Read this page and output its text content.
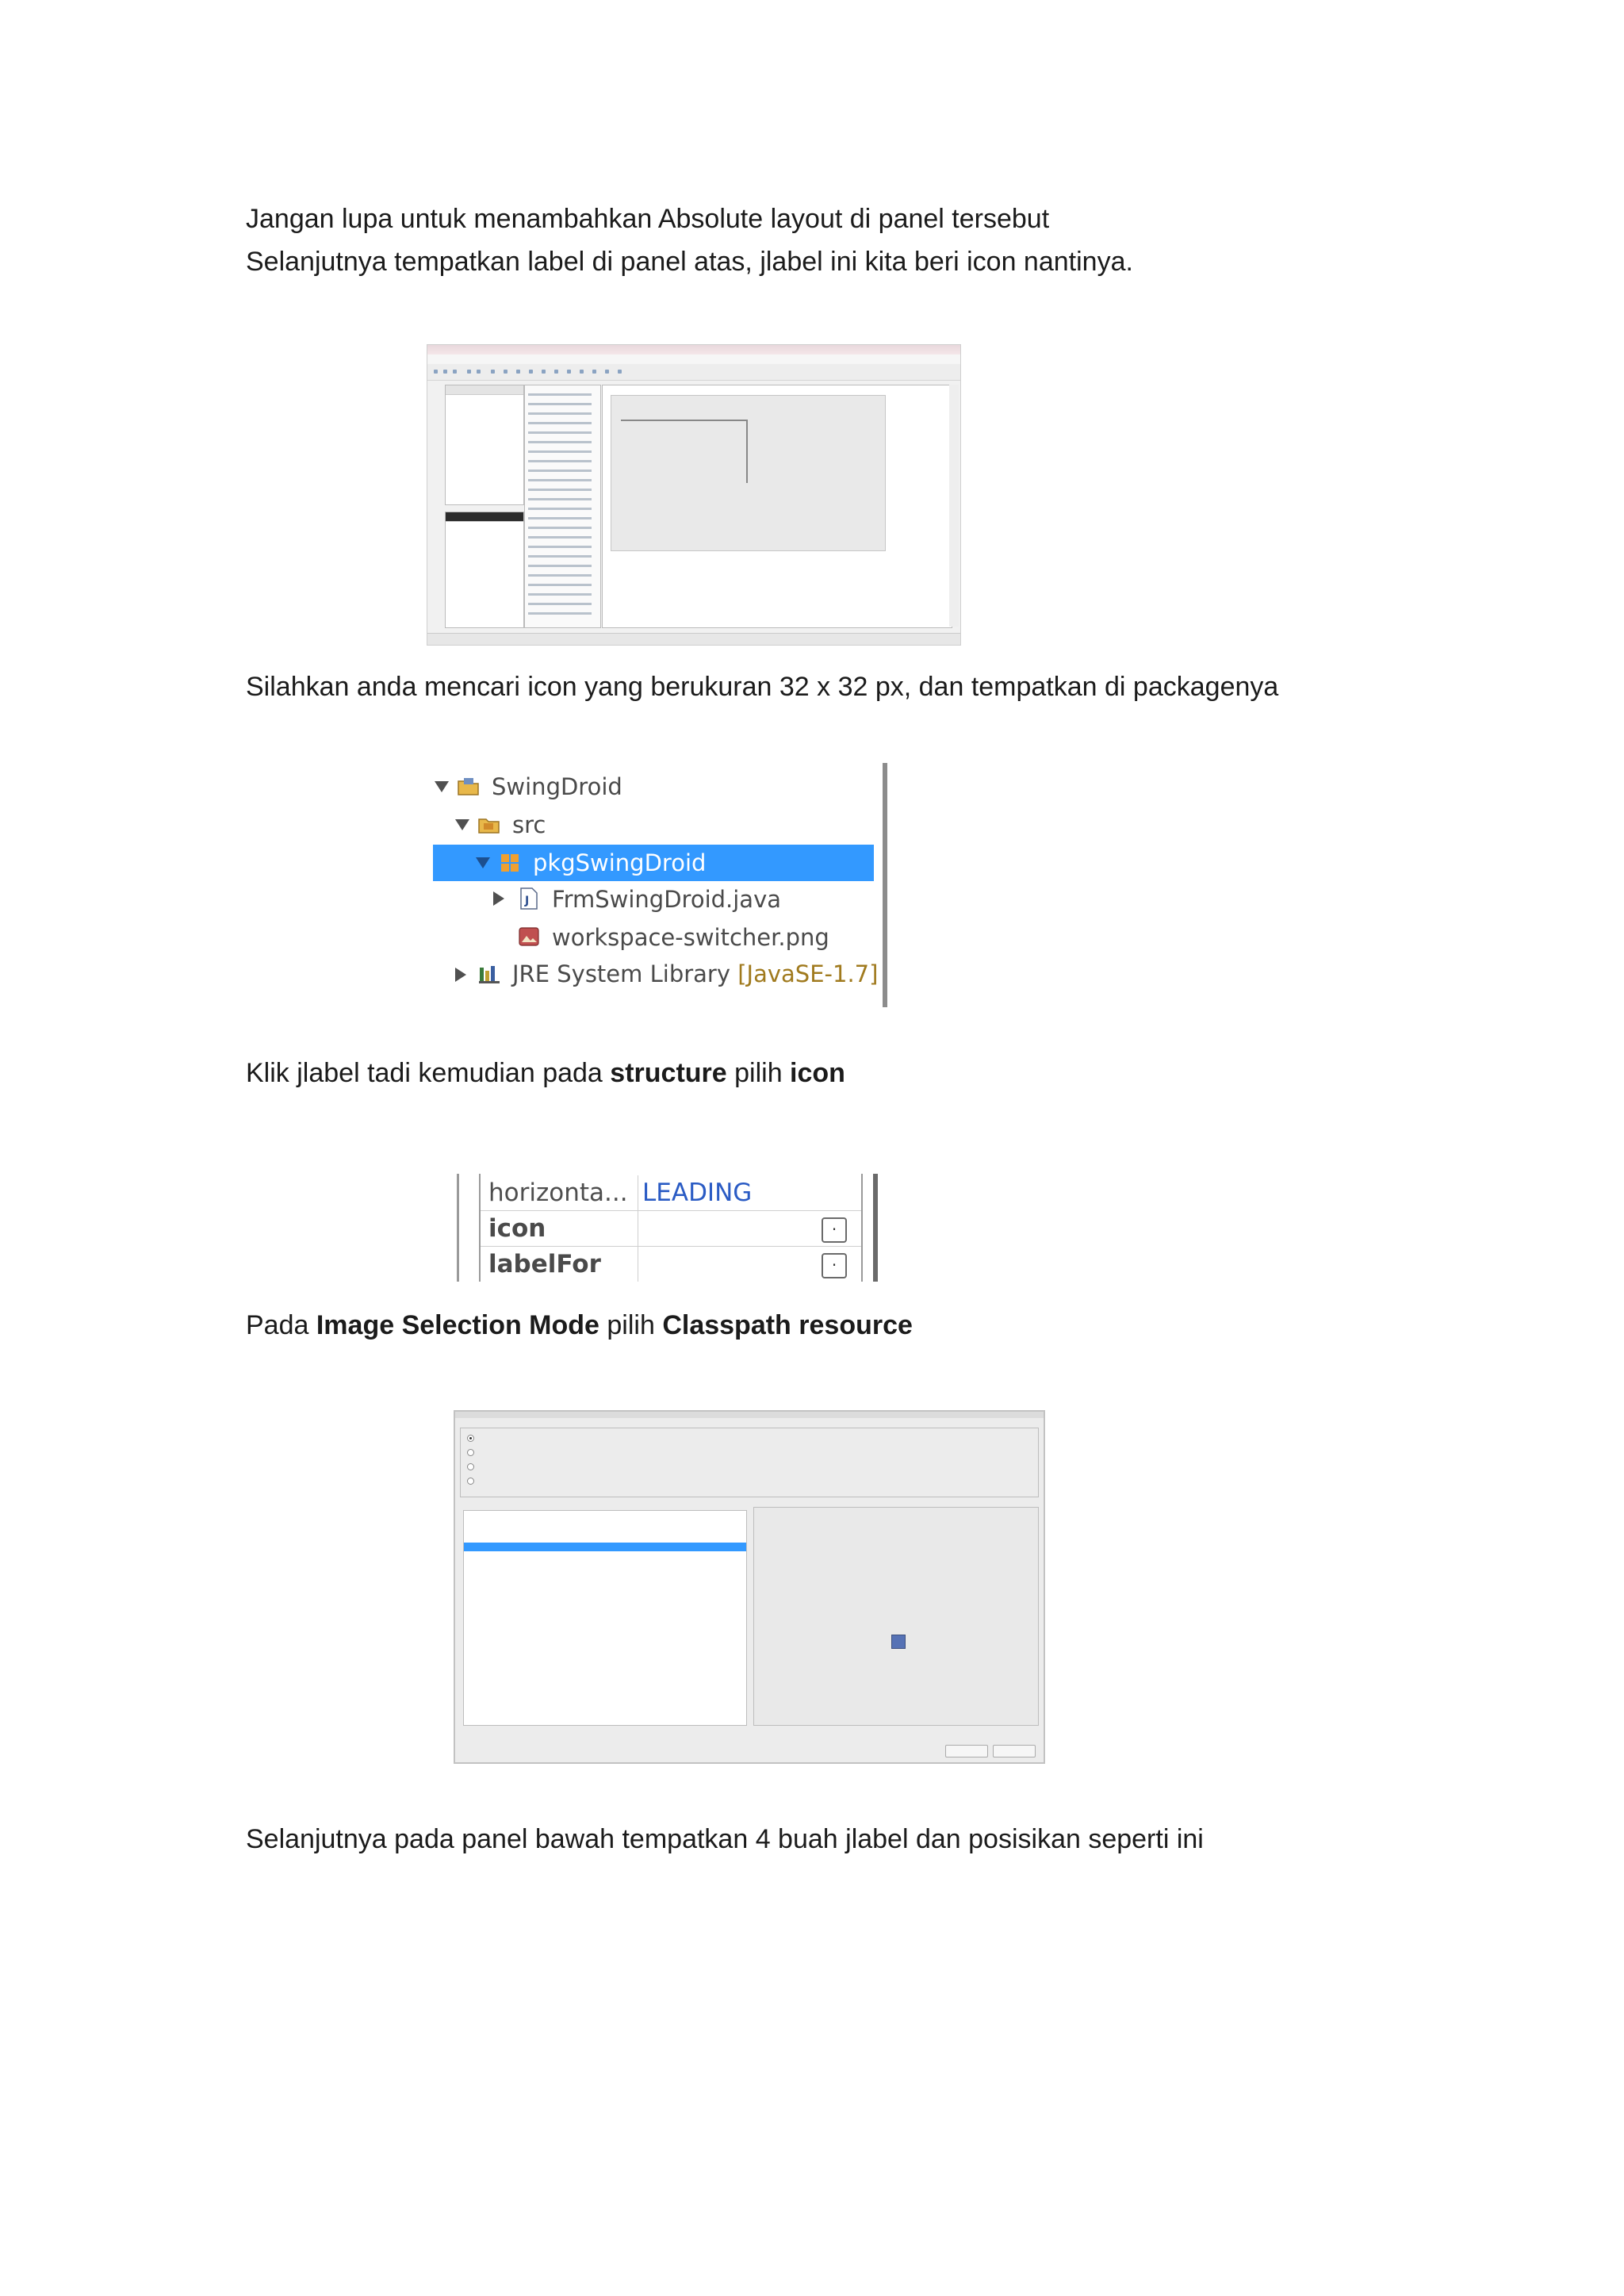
Jangan lupa untuk menambahkan Absolute layout di panel tersebut
Selanjutnya tempatkan label di panel atas, jlabel ini kita beri icon nantinya.
Silahkan anda mencari icon yang berukuran 32 x 32 px, dan tempatkan di packagenya
SwingDroid
src
pkgSwingDroid
J FrmSwingDroid.java
workspace-switcher.png
JRE System Library [JavaSE-1.7]
Klik jlabel tadi kemudian pada structure pilih icon
horizonta... LEADING
icon	·
labelFor	·
Pada Image Selection Mode pilih Classpath resource
Selanjutnya pada panel bawah tempatkan 4 buah jlabel dan posisikan seperti ini
